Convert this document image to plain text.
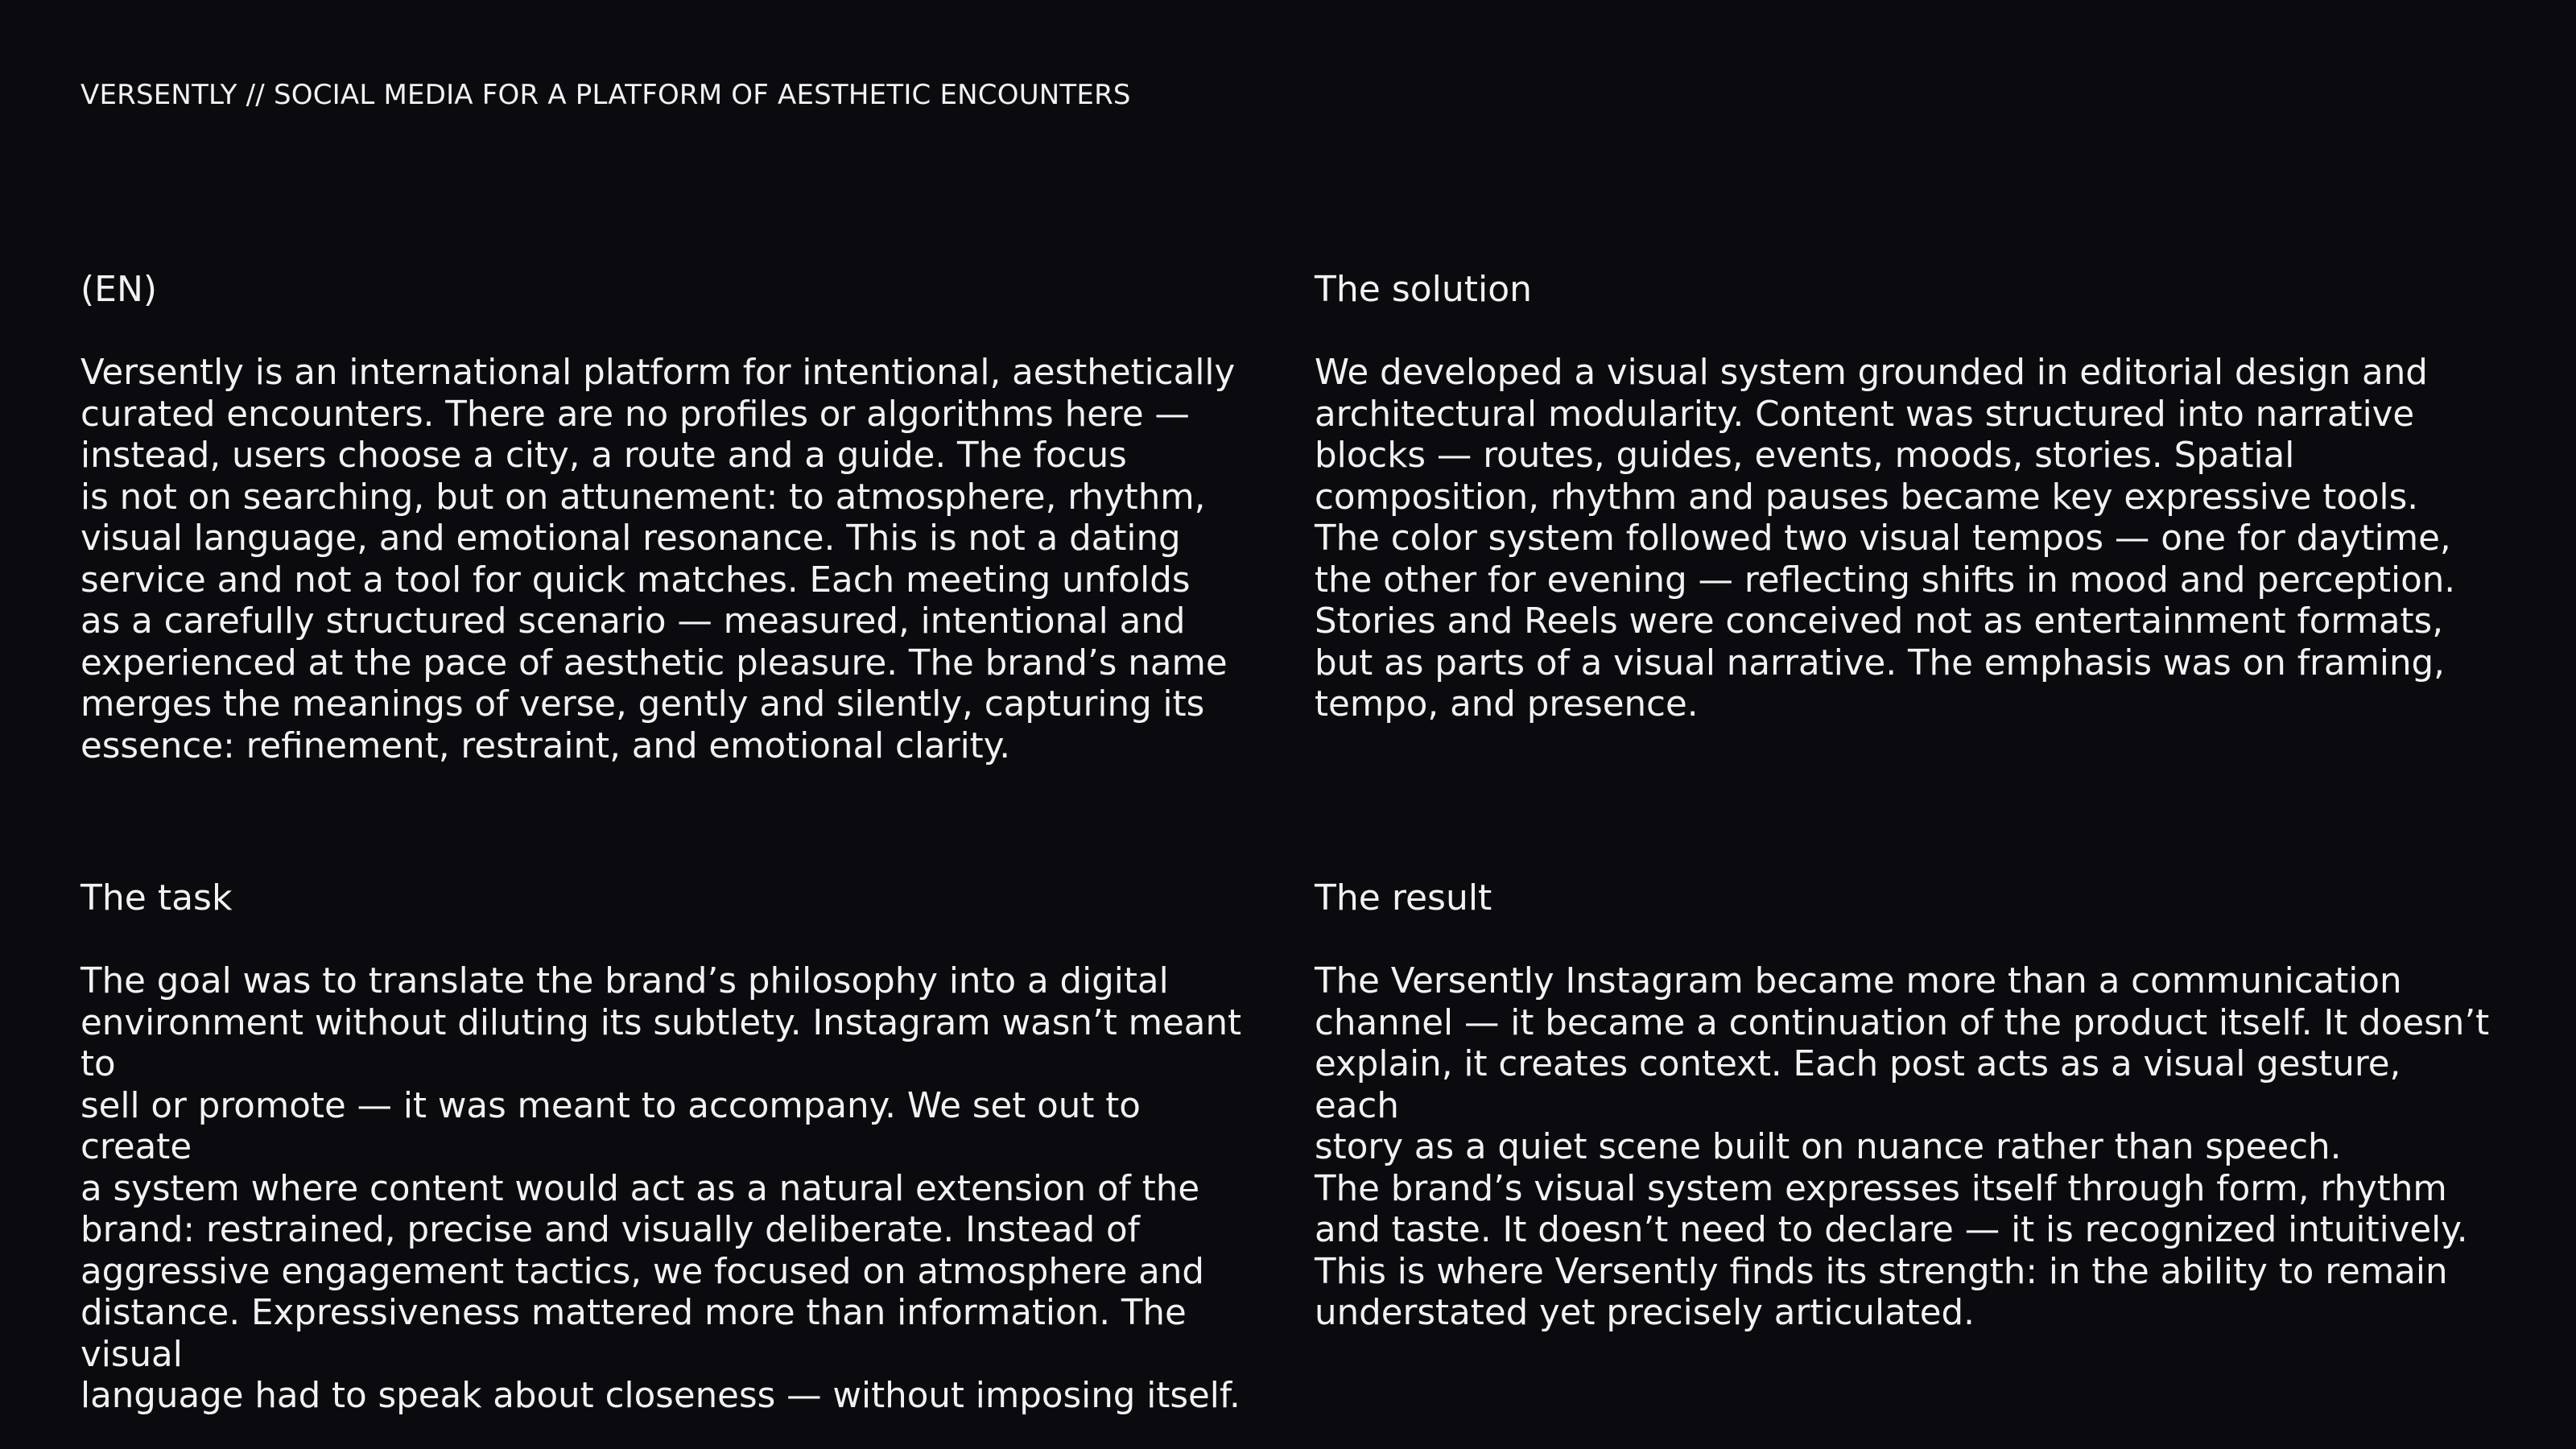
VERSENTLY // SOCIAL MEDIA FOR A PLATFORM OF AESTHETIC ENCOUNTERS
(EN)

Versently is an international platform for intentional, aesthetically
curated encounters. There are no profiles or algorithms here —
instead, users choose a city, a route and a guide. The focus
is not on searching, but on attunement: to atmosphere, rhythm,
visual language, and emotional resonance. This is not a dating
service and not a tool for quick matches. Each meeting unfolds
as a carefully structured scenario — measured, intentional and
experienced at the pace of aesthetic pleasure. The brand’s name
merges the meanings of verse, gently and silently, capturing its
essence: refinement, restraint, and emotional clarity.

The solution

We developed a visual system grounded in editorial design and
architectural modularity. Content was structured into narrative
blocks — routes, guides, events, moods, stories. Spatial
composition, rhythm and pauses became key expressive tools.
The color system followed two visual tempos — one for daytime,
the other for evening — reflecting shifts in mood and perception.
Stories and Reels were conceived not as entertainment formats,
but as parts of a visual narrative. The emphasis was on framing,
tempo, and presence.

The task

The goal was to translate the brand’s philosophy into a digital
environment without diluting its subtlety. Instagram wasn’t meant to
sell or promote — it was meant to accompany. We set out to create
a system where content would act as a natural extension of the
brand: restrained, precise and visually deliberate. Instead of
aggressive engagement tactics, we focused on atmosphere and
distance. Expressiveness mattered more than information. The visual
language had to speak about closeness — without imposing itself.

The result

The Versently Instagram became more than a communication
channel — it became a continuation of the product itself. It doesn’t
explain, it creates context. Each post acts as a visual gesture, each
story as a quiet scene built on nuance rather than speech.
The brand’s visual system expresses itself through form, rhythm
and taste. It doesn’t need to declare — it is recognized intuitively.
This is where Versently finds its strength: in the ability to remain
understated yet precisely articulated.
